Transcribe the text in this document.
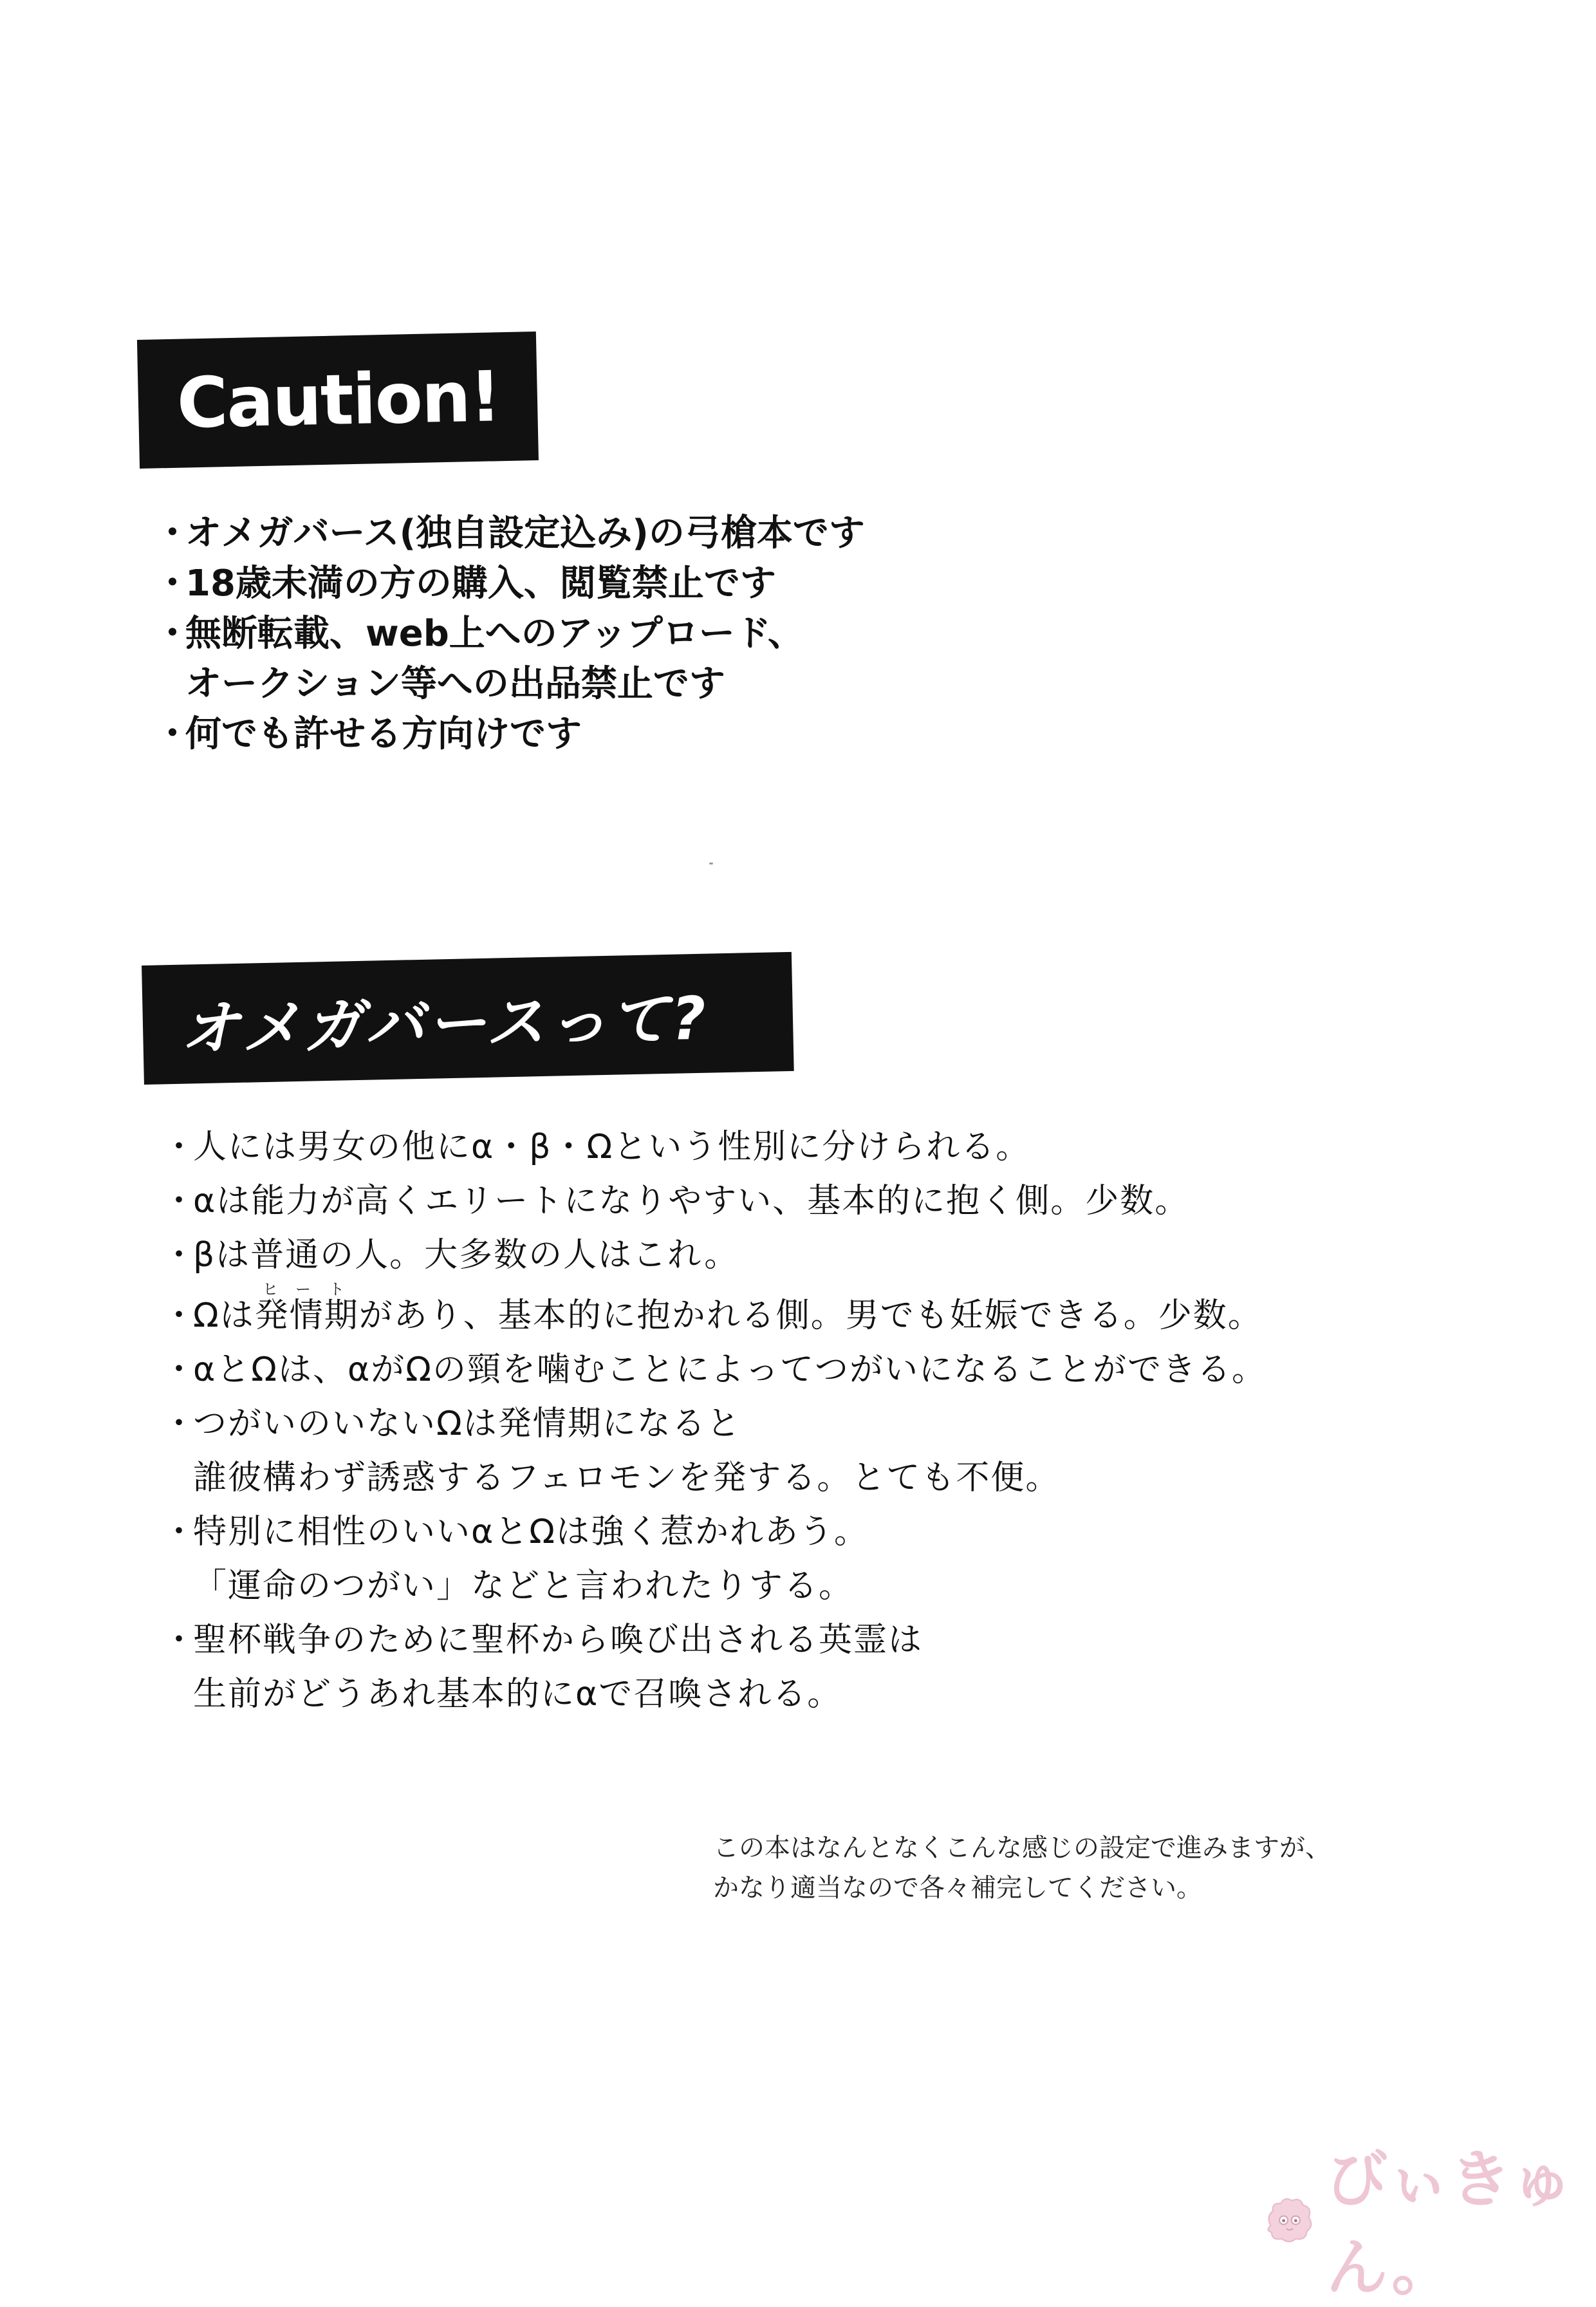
Caution!
・
オメガバース(独自設定込み)の弓槍本です
・
18歳未満の方の購入、閲覧禁止です
・
無断転載、web上へのアップロード、
オークション等への出品禁止です
・
何でも許せる方向けです
オメガバースって?
ヒート
・
人には男女の他にα・β・Ωという性別に分けられる。
・
αは能力が高くエリートになりやすい、基本的に抱く側。少数。
・
βは普通の人。大多数の人はこれ。
・
Ωは発情期があり、基本的に抱かれる側。男でも妊娠できる。少数。
・
αとΩは、αがΩの頸を噛むことによってつがいになることができる。
・
つがいのいないΩは発情期になると
誰彼構わず誘惑するフェロモンを発する。とても不便。
・
特別に相性のいいαとΩは強く惹かれあう。
「運命のつがい」などと言われたりする。
・
聖杯戦争のために聖杯から喚び出される英霊は
生前がどうあれ基本的にαで召喚される。
この本はなんとなくこんな感じの設定で進みますが、
かなり適当なので各々補完してください。
びぃきゅん。
